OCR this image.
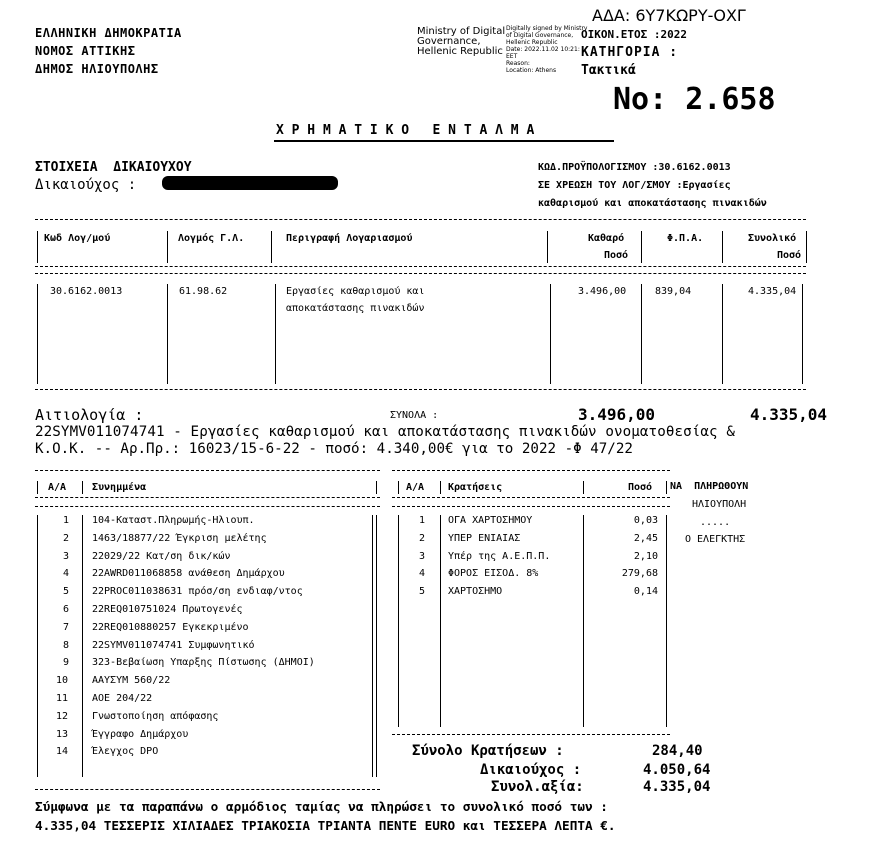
ΑΔΑ: 6Υ7ΚΩΡΥ-ΟΧΓ
ΕΛΛΗΝΙΚΗ ΔΗΜΟΚΡΑΤΙΑ
ΝΟΜΟΣ ΑΤΤΙΚΗΣ
ΔΗΜΟΣ ΗΛΙΟΥΠΟΛΗΣ
Ministry of Digital
Governance,
Hellenic Republic
Digitally signed by Ministry
of Digital Governance,
Hellenic Republic
Date: 2022.11.02 10:21:
EET
Reason:
Location: Athens
ΟΙΚΟΝ.ΕΤΟΣ :2022
ΚΑΤΗΓΟΡΙΑ :
Τακτικά
No: 2.658
Χ Ρ Η Μ Α Τ Ι Κ Ο   Ε Ν Τ Α Λ Μ Α
ΣΤΟΙΧΕΙΑ  ΔΙΚΑΙΟΥΧΟΥ
Δικαιούχος :
ΚΩΔ.ΠΡΟΫΠΟΛΟΓΙΣΜΟΥ :30.6162.0013
ΣΕ ΧΡΕΩΣΗ ΤΟΥ ΛΟΓ/ΣΜΟΥ :Εργασίες
καθαρισμού και αποκατάστασης πινακιδών
Κωδ Λογ/μού	Λογμός Γ.Λ.	Περιγραφή Λογαριασμού	Καθαρό
Ποσό
Φ.Π.Α.	Συνολικό
Ποσό
30.6162.0013	61.98.62	Εργασίες καθαρισμού και
αποκατάστασης πινακιδών
3.496,00	839,04	4.335,04
Αιτιολογία :	ΣΥΝΟΛΑ :	3.496,00	4.335,04
22SYMV011074741 - Εργασίες καθαρισμού και αποκατάστασης πινακιδών ονοματοθεσίας &
Κ.Ο.Κ. -- Αρ.Πρ.: 16023/15-6-22 - ποσό: 4.340,00€ για το 2022 -Φ 47/22
Α/Α	Συνημμένα
1 104-Καταστ.Πληρωμής-Ηλιουπ.
2 1463/18877/22 Έγκριση μελέτης
3 22029/22 Κατ/ση δικ/κών
4 22AWRD011068858 ανάθεση Δημάρχου
5 22PROC011038631 πρόσ/ση ενδιαφ/ντος
6 22REQ010751024 Πρωτογενές
7 22REQ010880257 Εγκεκριμένο
8 22SYMV011074741 Συμφωνητικό
9 323-Βεβαίωση Υπαρξης Πίστωσης (ΔΗΜΟΙ)
10 ΑΑΥΣΥΜ 560/22
11 ΑΟΕ 204/22
12 Γνωστοποίηση απόφασης
13 Έγγραφο Δημάρχου
14 Έλεγχος DPO
Α/Α Κρατήσεις	Ποσό
1 ΟΓΑ ΧΑΡΤΟΣΗΜΟΥ	0,03
2 ΥΠΕΡ ΕΝΙΑΙΑΣ	2,45
3 Υπέρ της Α.Ε.Π.Π.	2,10
4 ΦΟΡΟΣ ΕΙΣΟΔ. 8%	279,68
5 ΧΑΡΤΟΣΗΜΟ	0,14
ΝΑ  ΠΛΗΡΩΘΟΥΝ
ΗΛΙΟΥΠΟΛΗ
.....
Ο ΕΛΕΓΚΤΗΣ
Σύνολο Κρατήσεων :	284,40
Δικαιούχος :	4.050,64
Συνολ.αξία:	4.335,04
Σύμφωνα με τα παραπάνω ο αρμόδιος ταμίας να πληρώσει το συνολικό ποσό των :
4.335,04 ΤΕΣΣΕΡΙΣ ΧΙΛΙΑΔΕΣ ΤΡΙΑΚΟΣΙΑ ΤΡΙΑΝΤΑ ΠΕΝΤΕ EURO και ΤΕΣΣΕΡΑ ΛΕΠΤΑ €.
